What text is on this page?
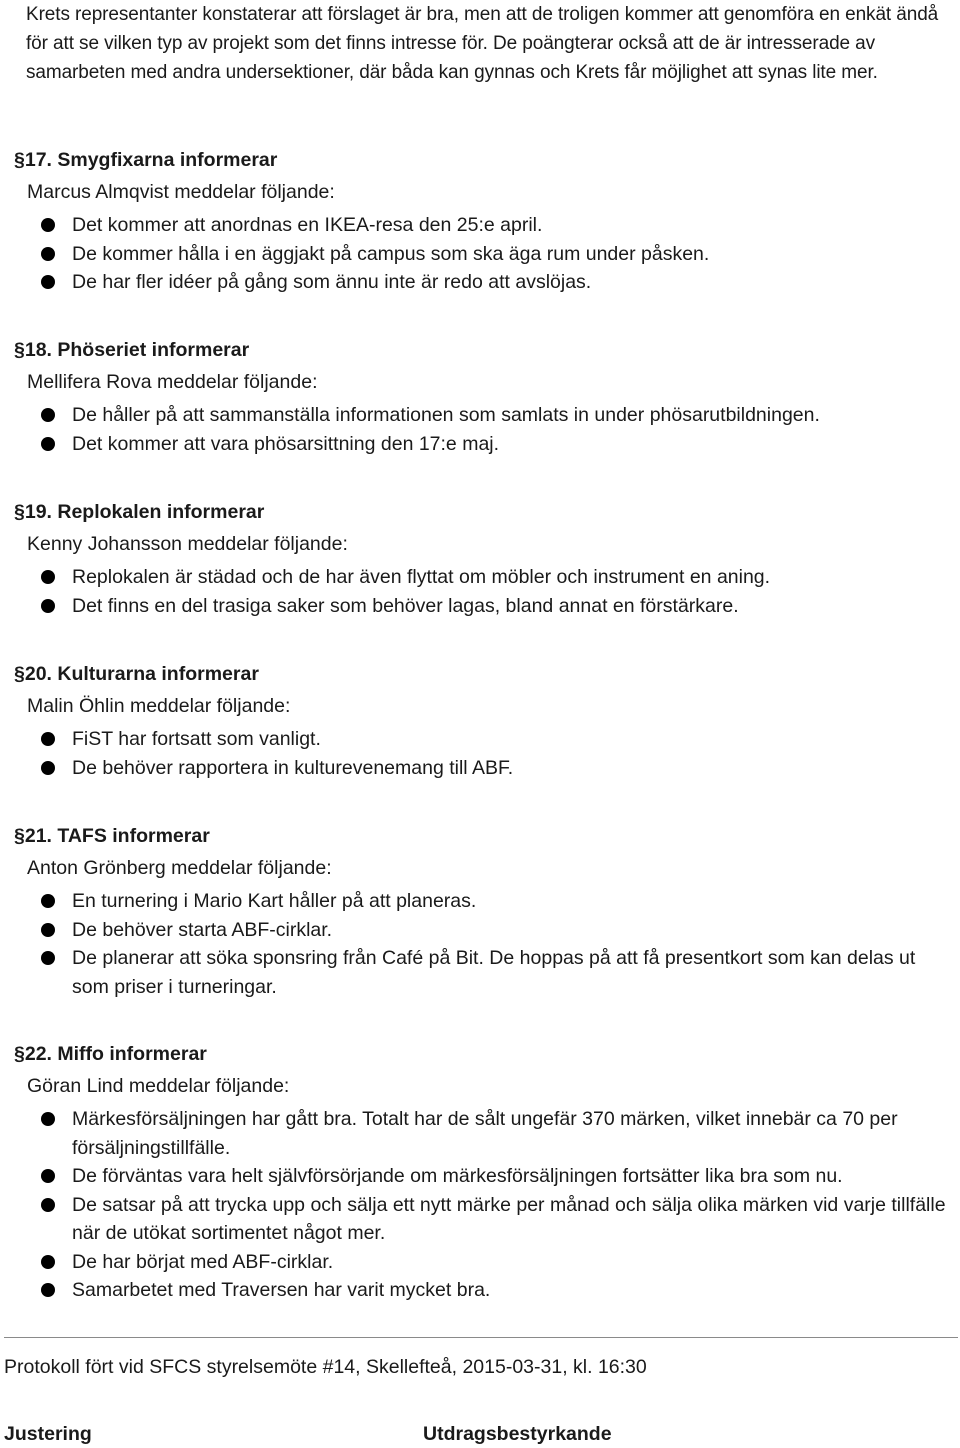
Krets representanter konstaterar att förslaget är bra, men att de troligen kommer att genomföra en enkät ändå för att se vilken typ av projekt som det finns intresse för. De poängterar också att de är intresserade av samarbeten med andra undersektioner, där båda kan gynnas och Krets får möjlighet att synas lite mer.
§17. Smygfixarna informerar
Marcus Almqvist meddelar följande:
Det kommer att anordnas en IKEA-resa den 25:e april.
De kommer hålla i en äggjakt på campus som ska äga rum under påsken.
De har fler idéer på gång som ännu inte är redo att avslöjas.
§18. Phöseriet informerar
Mellifera Rova meddelar följande:
De håller på att sammanställa informationen som samlats in under phösarutbildningen.
Det kommer att vara phösarsittning den 17:e maj.
§19. Replokalen informerar
Kenny Johansson meddelar följande:
Replokalen är städad och de har även flyttat om möbler och instrument en aning.
Det finns en del trasiga saker som behöver lagas, bland annat en förstärkare.
§20. Kulturarna informerar
Malin Öhlin meddelar följande:
FiST har fortsatt som vanligt.
De behöver rapportera in kulturevenemang till ABF.
§21. TAFS informerar
Anton Grönberg meddelar följande:
En turnering i Mario Kart håller på att planeras.
De behöver starta ABF-cirklar.
De planerar att söka sponsring från Café på Bit. De hoppas på att få presentkort som kan delas ut som priser i turneringar.
§22. Miffo informerar
Göran Lind meddelar följande:
Märkesförsäljningen har gått bra. Totalt har de sålt ungefär 370 märken, vilket innebär ca 70 per försäljningstillfälle.
De förväntas vara helt självförsörjande om märkesförsäljningen fortsätter lika bra som nu.
De satsar på att trycka upp och sälja ett nytt märke per månad och sälja olika märken vid varje tillfälle när de utökat sortimentet något mer.
De har börjat med ABF-cirklar.
Samarbetet med Traversen har varit mycket bra.
Protokoll fört vid SFCS styrelsemöte #14, Skellefteå, 2015-03-31, kl. 16:30
Justering	Utdragsbestyrkande
